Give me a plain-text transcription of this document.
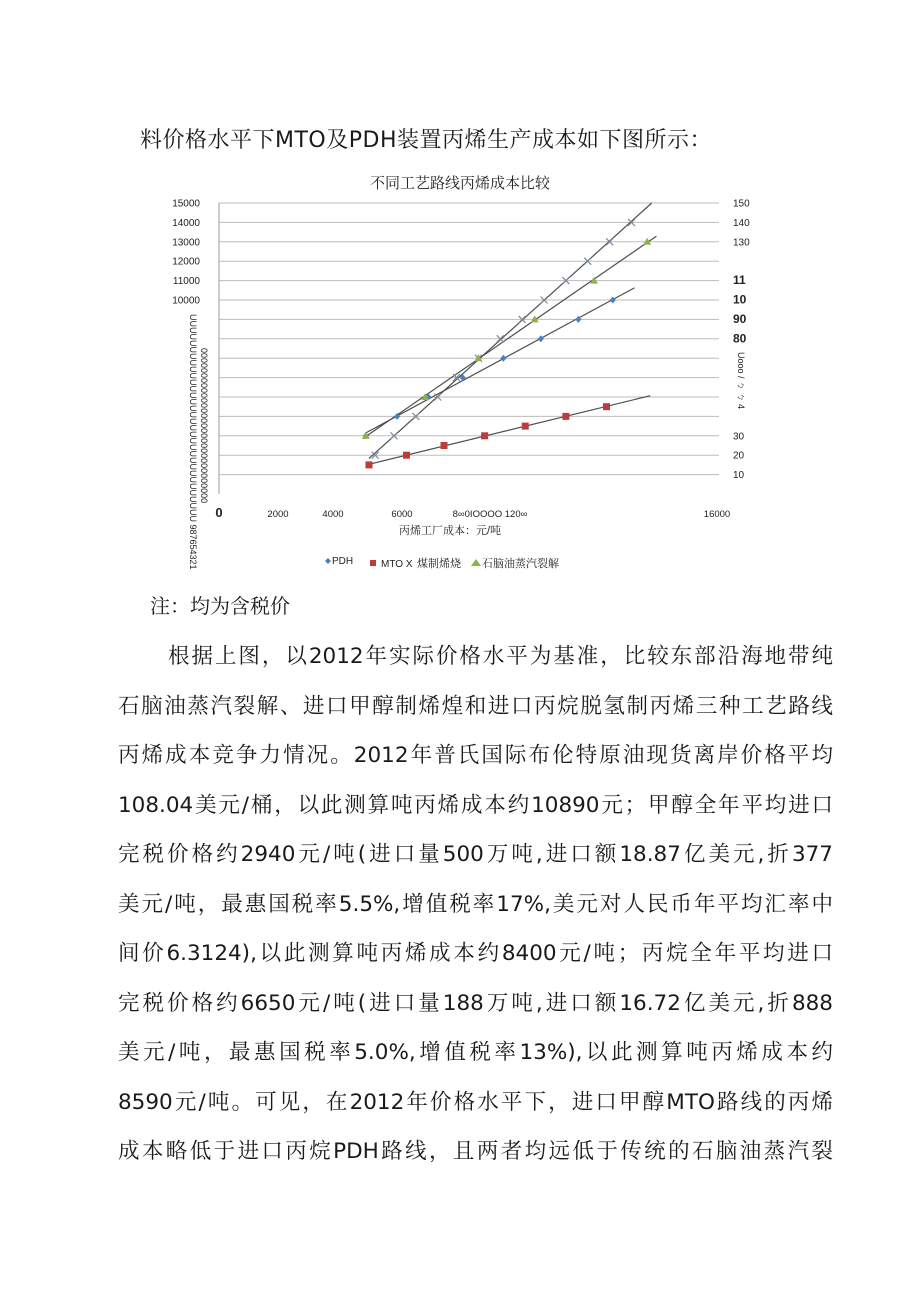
料价格水平下MTO及PDH装置丙烯生产成本如下图所示：
不同工艺路线丙烯成本比较
15000
14000
13000
12000
11000
10000
150
140
130
11
10
90
80
30
20
10
0	2000	4000	6000	8∞0IOOOO 120∞	16000
UUUUUUUUUUUUUUUUUUUUUUUUUUUUUUUU 987654321 0000000000000000000000000000000	Uooo / ㄅ ㄅ 4
丙烯工厂成本：元/吨
PDH	MTO X 煤制烯烧 石脑油蒸汽裂解
注：均为含税价
根据上图，以2012年实际价格水平为基准，比较东部沿海地带纯
石脑油蒸汽裂解、进口甲醇制烯煌和进口丙烷脱氢制丙烯三种工艺路线
丙烯成本竞争力情况。2012年普氏国际布伦特原油现货离岸价格平均
108.04美元/桶，以此测算吨丙烯成本约10890元；甲醇全年平均进口
完税价格约2940元/吨(进口量500万吨,进口额18.87亿美元,折377
美元/吨，最惠国税率5.5%,增值税率17%,美元对人民币年平均汇率中
间价6.3124),以此测算吨丙烯成本约8400元/吨；丙烷全年平均进口
完税价格约6650元/吨(进口量188万吨,进口额16.72亿美元,折888
美元/吨，最惠国税率5.0%,增值税率13%),以此测算吨丙烯成本约
8590元/吨。可见，在2012年价格水平下，进口甲醇MTO路线的丙烯
成本略低于进口丙烷PDH路线，且两者均远低于传统的石脑油蒸汽裂
